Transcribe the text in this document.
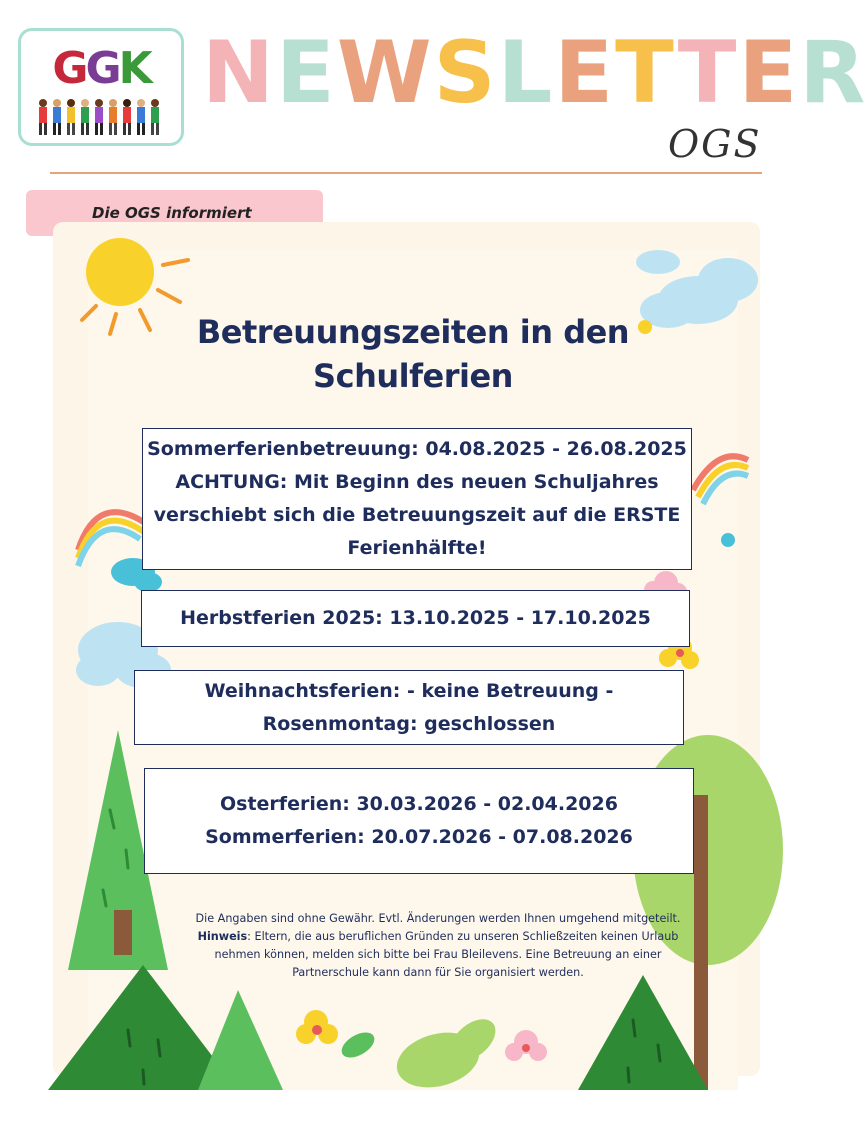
GGK NEWSLETTER
OGS
Die OGS informiert
Betreuungszeiten in den
Schulferien
Sommerferienbetreuung: 04.08.2025 - 26.08.2025
ACHTUNG: Mit Beginn des neuen Schuljahres
verschiebt sich die Betreuungszeit auf die ERSTE
Ferienhälfte!
Herbstferien 2025: 13.10.2025 - 17.10.2025
Weihnachtsferien: - keine Betreuung -
Rosenmontag: geschlossen
Osterferien: 30.03.2026 - 02.04.2026
Sommerferien: 20.07.2026 - 07.08.2026
Die Angaben sind ohne Gewähr. Evtl. Änderungen werden Ihnen umgehend mitgeteilt.
Hinweis: Eltern, die aus beruflichen Gründen zu unseren Schließzeiten keinen Urlaub
nehmen können, melden sich bitte bei Frau Bleilevens. Eine Betreuung an einer
Partnerschule kann dann für Sie organisiert werden.
